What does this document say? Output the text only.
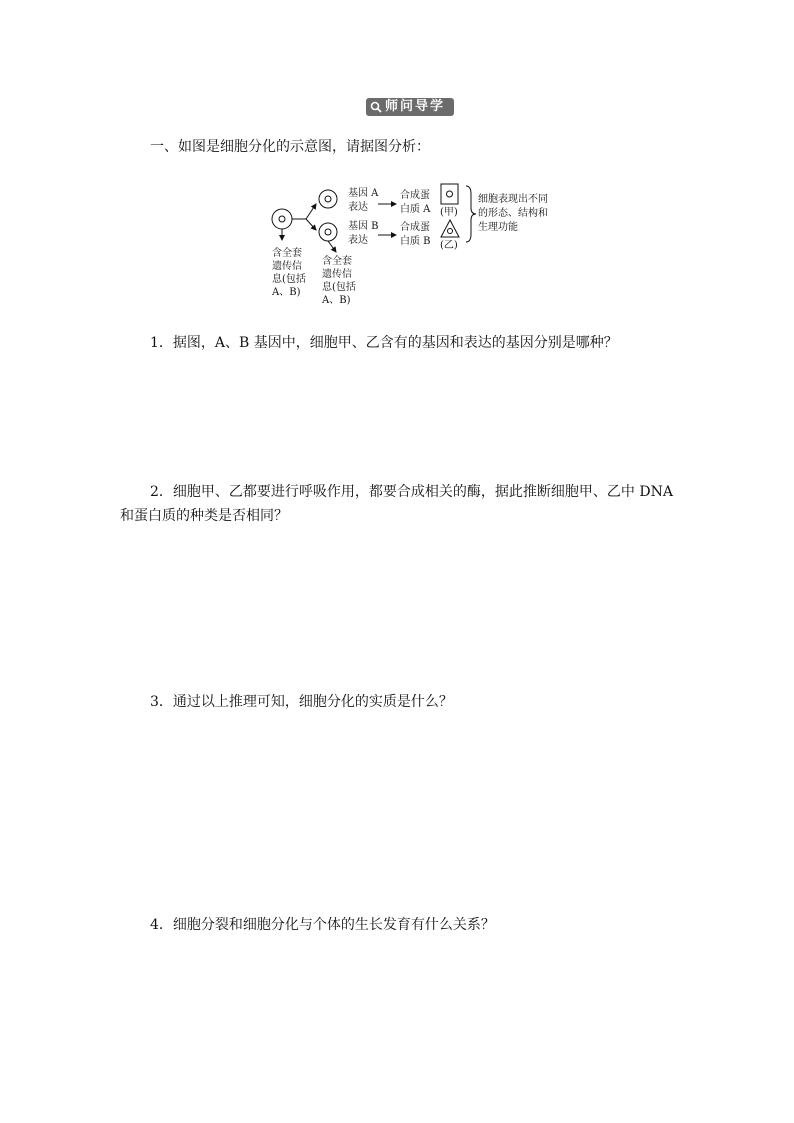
师问导学
一、如图是细胞分化的示意图，请据图分析：
含全套 遗传信 息(包括 A、B)
含全套 遗传信 息(包括 A、B)
基因 A 表达
基因 B 表达
合成蛋 白质 A
合成蛋 白质 B
(甲)
(乙)
细胞表现出不同 的形态、结构和 生理功能
1．据图，A、B 基因中，细胞甲、乙含有的基因和表达的基因分别是哪种？
2．细胞甲、乙都要进行呼吸作用，都要合成相关的酶，据此推断细胞甲、乙中 DNA 和蛋白质的种类是否相同？
3．通过以上推理可知，细胞分化的实质是什么？
4．细胞分裂和细胞分化与个体的生长发育有什么关系？
